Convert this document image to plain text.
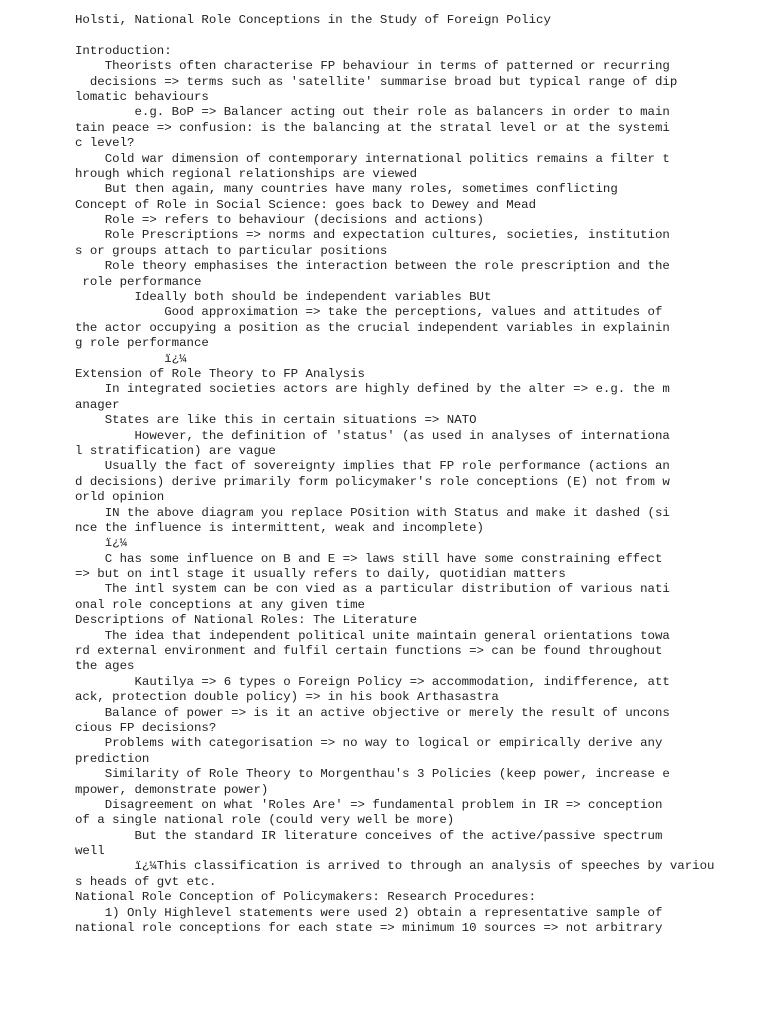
Holsti, National Role Conceptions in the Study of Foreign Policy
Introduction:
Theorists often characterise FP behaviour in terms of patterned or recurring
decisions => terms such as 'satellite' summarise broad but typical range of dip
lomatic behaviours
e.g. BoP => Balancer acting out their role as balancers in order to main
tain peace => confusion: is the balancing at the stratal level or at the systemi
c level?
Cold war dimension of contemporary international politics remains a filter t
hrough which regional relationships are viewed
But then again, many countries have many roles, sometimes conflicting
Concept of Role in Social Science: goes back to Dewey and Mead
Role => refers to behaviour (decisions and actions)
Role Prescriptions => norms and expectation cultures, societies, institution
s or groups attach to particular positions
Role theory emphasises the interaction between the role prescription and the
role performance
Ideally both should be independent variables BUt
Good approximation => take the perceptions, values and attitudes of
the actor occupying a position as the crucial independent variables in explainin
g role performance
ï¿¼
Extension of Role Theory to FP Analysis
In integrated societies actors are highly defined by the alter => e.g. the m
anager
States are like this in certain situations => NATO
However, the definition of 'status' (as used in analyses of internationa
l stratification) are vague
Usually the fact of sovereignty implies that FP role performance (actions an
d decisions) derive primarily form policymaker's role conceptions (E) not from w
orld opinion
IN the above diagram you replace POsition with Status and make it dashed (si
nce the influence is intermittent, weak and incomplete)
ï¿¼
C has some influence on B and E => laws still have some constraining effect
=> but on intl stage it usually refers to daily, quotidian matters
The intl system can be con vied as a particular distribution of various nati
onal role conceptions at any given time
Descriptions of National Roles: The Literature
The idea that independent political unite maintain general orientations towa
rd external environment and fulfil certain functions => can be found throughout
the ages
Kautilya => 6 types o Foreign Policy => accommodation, indifference, att
ack, protection double policy) => in his book Arthasastra
Balance of power => is it an active objective or merely the result of uncons
cious FP decisions?
Problems with categorisation => no way to logical or empirically derive any
prediction
Similarity of Role Theory to Morgenthau's 3 Policies (keep power, increase e
mpower, demonstrate power)
Disagreement on what 'Roles Are' => fundamental problem in IR => conception
of a single national role (could very well be more)
But the standard IR literature conceives of the active/passive spectrum
well
ï¿¼This classification is arrived to through an analysis of speeches by variou
s heads of gvt etc.
National Role Conception of Policymakers: Research Procedures:
1) Only Highlevel statements were used 2) obtain a representative sample of
national role conceptions for each state => minimum 10 sources => not arbitrary
